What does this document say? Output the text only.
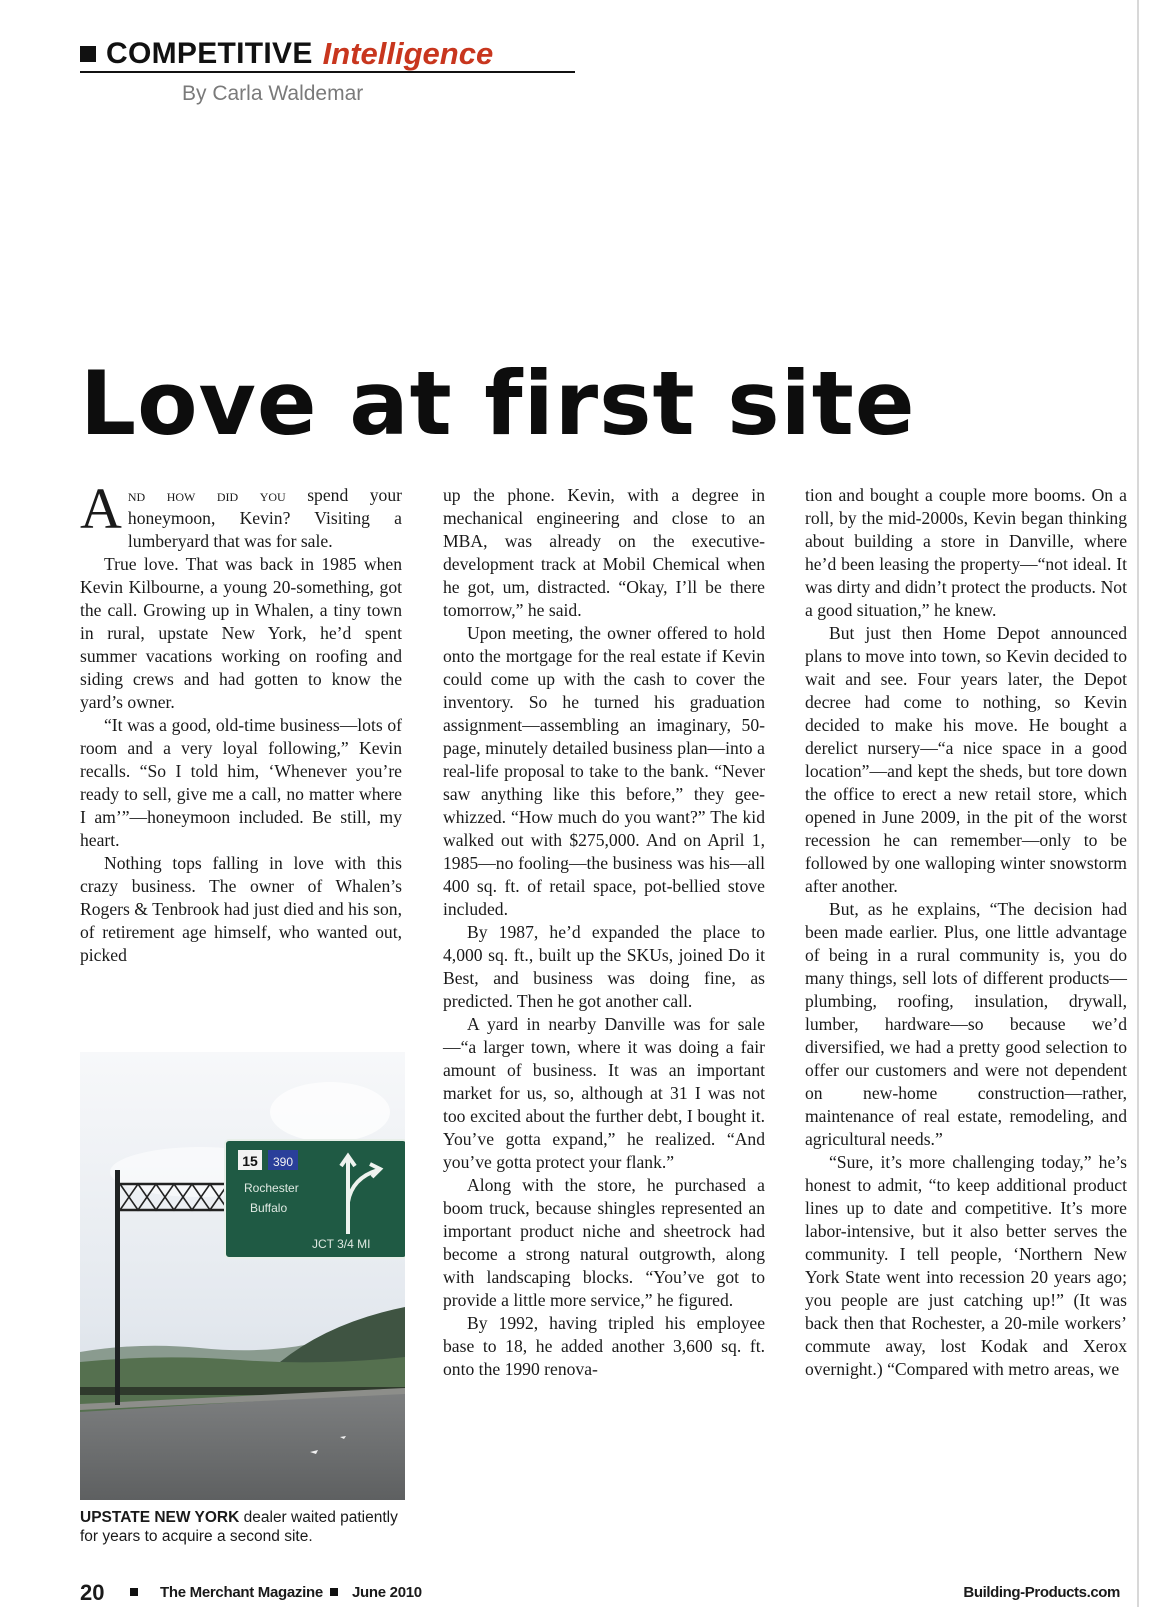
COMPETITIVE Intelligence
By Carla Waldemar
Love at first site

And how did you spend your honeymoon, Kevin? Visiting a lumberyard that was for sale.

True love. That was back in 1985 when Kevin Kilbourne, a young 20-something, got the call. Growing up in Whalen, a tiny town in rural, upstate New York, he’d spent summer vacations working on roofing and siding crews and had gotten to know the yard’s owner.

“It was a good, old-time business—lots of room and a very loyal following,” Kevin recalls. “So I told him, ‘Whenever you’re ready to sell, give me a call, no matter where I am’”—honeymoon included. Be still, my heart.

Nothing tops falling in love with this crazy business. The owner of Whalen’s Rogers & Tenbrook had just died and his son, of retirement age himself, who wanted out, picked

15 390
Rochester
Buffalo
JCT 3/4 MI
UPSTATE NEW YORK dealer waited patiently for years to acquire a second site.

up the phone. Kevin, with a degree in mechanical engineering and close to an MBA, was already on the executive-development track at Mobil Chemical when he got, um, distracted. “Okay, I’ll be there tomorrow,” he said.

Upon meeting, the owner offered to hold onto the mortgage for the real estate if Kevin could come up with the cash to cover the inventory. So he turned his graduation assignment—assembling an imaginary, 50-page, minutely detailed business plan—into a real-life proposal to take to the bank. “Never saw anything like this before,” they gee-whizzed. “How much do you want?” The kid walked out with $275,000. And on April 1, 1985—no fooling—the business was his—all 400 sq. ft. of retail space, pot-bellied stove included.

By 1987, he’d expanded the place to 4,000 sq. ft., built up the SKUs, joined Do it Best, and business was doing fine, as predicted. Then he got another call.

A yard in nearby Danville was for sale—“a larger town, where it was doing a fair amount of business. It was an important market for us, so, although at 31 I was not too excited about the further debt, I bought it. You’ve gotta expand,” he realized. “And you’ve gotta protect your flank.”

Along with the store, he purchased a boom truck, because shingles represented an important product niche and sheetrock had become a strong natural outgrowth, along with landscaping blocks. “You’ve got to provide a little more service,” he figured.

By 1992, having tripled his employee base to 18, he added another 3,600 sq. ft. onto the 1990 renova-

tion and bought a couple more booms. On a roll, by the mid-2000s, Kevin began thinking about building a store in Danville, where he’d been leasing the property—“not ideal. It was dirty and didn’t protect the products. Not a good situation,” he knew.

But just then Home Depot announced plans to move into town, so Kevin decided to wait and see. Four years later, the Depot decree had come to nothing, so Kevin decided to make his move. He bought a derelict nursery—“a nice space in a good location”—and kept the sheds, but tore down the office to erect a new retail store, which opened in June 2009, in the pit of the worst recession he can remember—only to be followed by one walloping winter snowstorm after another.

But, as he explains, “The decision had been made earlier. Plus, one little advantage of being in a rural community is, you do many things, sell lots of different products—plumbing, roofing, insulation, drywall, lumber, hardware—so because we’d diversified, we had a pretty good selection to offer our customers and were not dependent on new-home construction—rather, maintenance of real estate, remodeling, and agricultural needs.”

“Sure, it’s more challenging today,” he’s honest to admit, “to keep additional product lines up to date and competitive. It’s more labor-intensive, but it also better serves the community. I tell people, ‘Northern New York State went into recession 20 years ago; you people are just catching up!” (It was back then that Rochester, a 20-mile workers’ commute away, lost Kodak and Xerox overnight.) “Compared with metro areas, we

20	The Merchant Magazine June 2010	Building-Products.com
